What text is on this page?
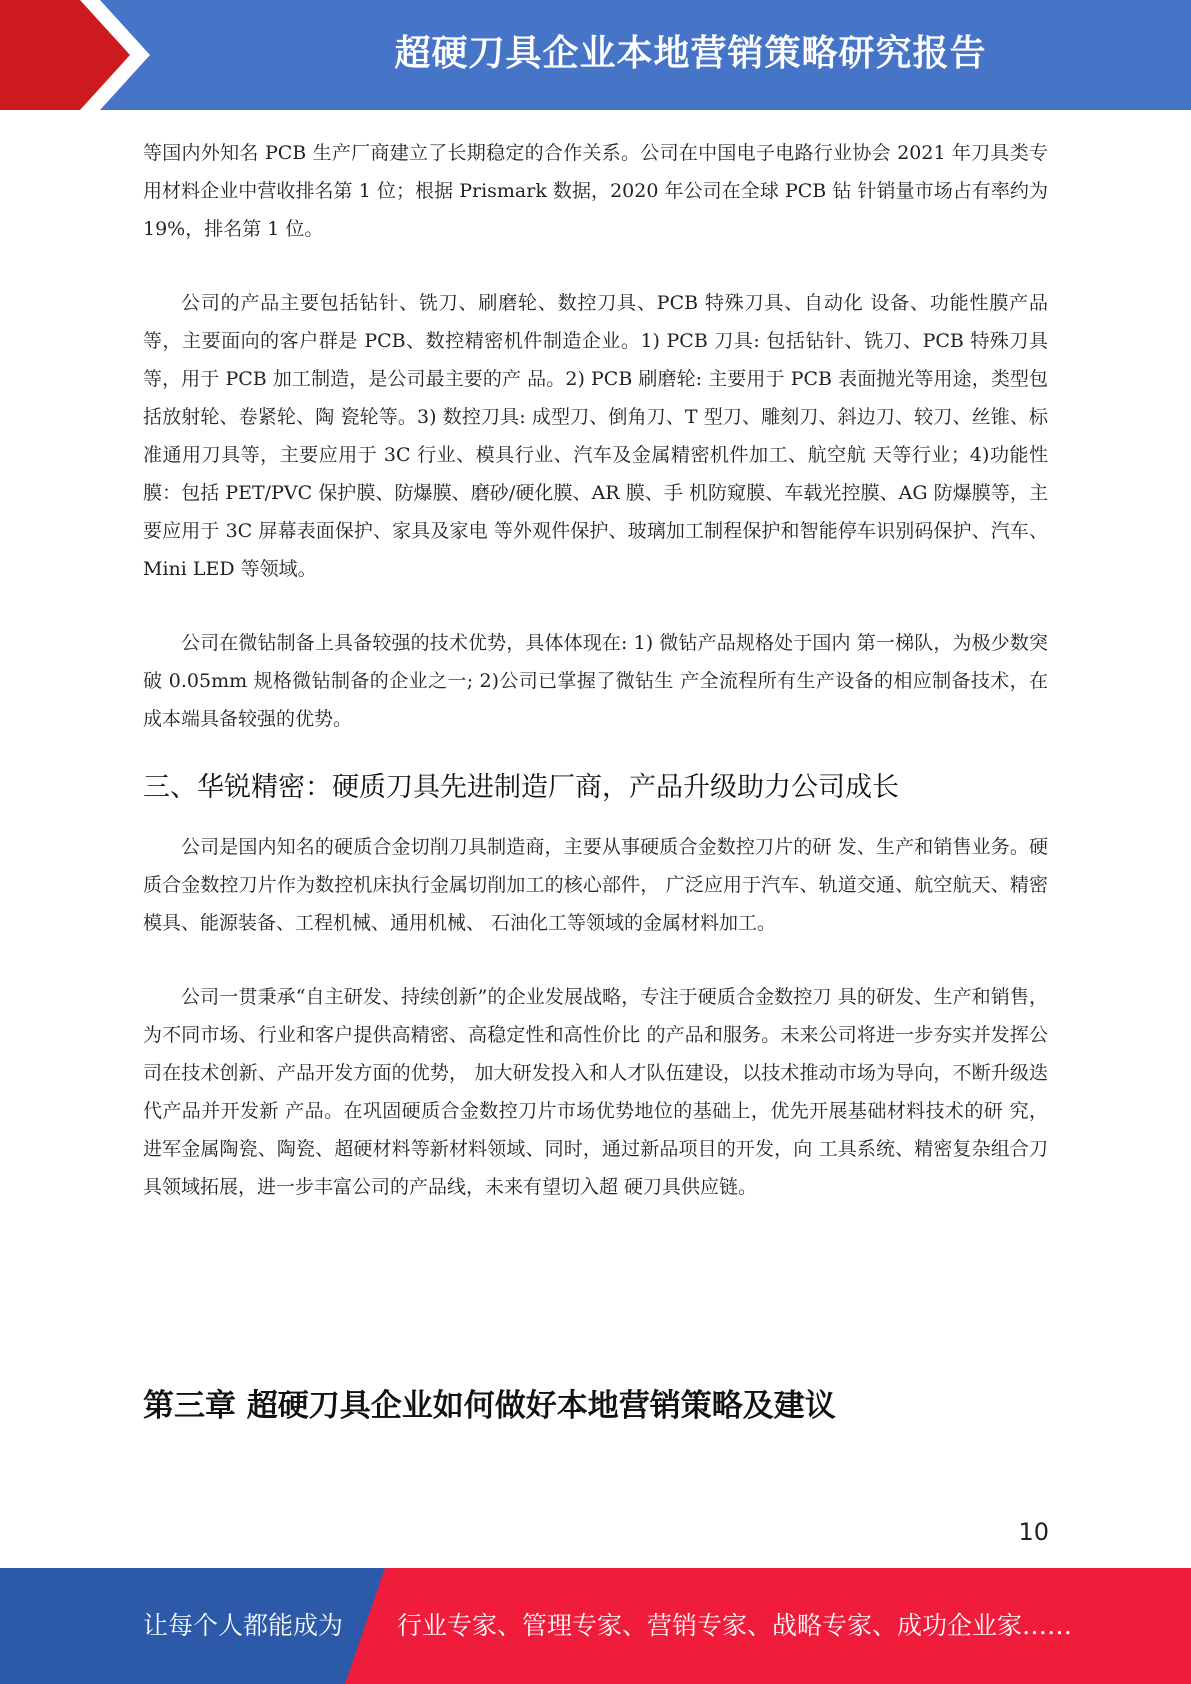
超硬刀具企业本地营销策略研究报告

等国内外知名 PCB 生产厂商建立了长期稳定的合作关系。公司在中国电子电路行业协会 2021 年刀具类专 用材料企业中营收排名第 1 位；根据 Prismark 数据，2020 年公司在全球 PCB 钻 针销量市场占有率约为 19%，排名第 1 位。

公司的产品主要包括钻针、铣刀、刷磨轮、数控刀具、PCB 特殊刀具、自动化 设备、功能性膜产品等，主要面向的客户群是 PCB、数控精密机件制造企业。1) PCB 刀具: 包括钻针、铣刀、PCB 特殊刀具等，用于 PCB 加工制造，是公司最主要的产 品。2) PCB 刷磨轮: 主要用于 PCB 表面抛光等用途，类型包括放射轮、卷紧轮、陶 瓷轮等。3) 数控刀具: 成型刀、倒角刀、T 型刀、雕刻刀、斜边刀、较刀、丝锥、标 准通用刀具等，主要应用于 3C 行业、模具行业、汽车及金属精密机件加工、航空航 天等行业；4)功能性膜：包括 PET/PVC 保护膜、防爆膜、磨砂/硬化膜、AR 膜、手 机防窥膜、车载光控膜、AG 防爆膜等，主要应用于 3C 屏幕表面保护、家具及家电 等外观件保护、玻璃加工制程保护和智能停车识别码保护、汽车、Mini LED 等领域。

公司在微钻制备上具备较强的技术优势，具体体现在: 1) 微钻产品规格处于国内 第一梯队，为极少数突破 0.05mm 规格微钻制备的企业之一; 2)公司已掌握了微钻生 产全流程所有生产设备的相应制备技术，在成本端具备较强的优势。

三、华锐精密：硬质刀具先进制造厂商，产品升级助力公司成长

公司是国内知名的硬质合金切削刀具制造商，主要从事硬质合金数控刀片的研 发、生产和销售业务。硬质合金数控刀片作为数控机床执行金属切削加工的核心部件， 广泛应用于汽车、轨道交通、航空航天、精密模具、能源装备、工程机械、通用机械、 石油化工等领域的金属材料加工。

公司一贯秉承“自主研发、持续创新”的企业发展战略，专注于硬质合金数控刀 具的研发、生产和销售，为不同市场、行业和客户提供高精密、高稳定性和高性价比 的产品和服务。未来公司将进一步夯实并发挥公司在技术创新、产品开发方面的优势， 加大研发投入和人才队伍建设，以技术推动市场为导向，不断升级迭代产品并开发新 产品。在巩固硬质合金数控刀片市场优势地位的基础上，优先开展基础材料技术的研 究，进军金属陶瓷、陶瓷、超硬材料等新材料领域、同时，通过新品项目的开发，向 工具系统、精密复杂组合刀具领域拓展，进一步丰富公司的产品线，未来有望切入超 硬刀具供应链。

第三章 超硬刀具企业如何做好本地营销策略及建议
10
让每个人都能成为 行业专家、管理专家、营销专家、战略专家、成功企业家……
